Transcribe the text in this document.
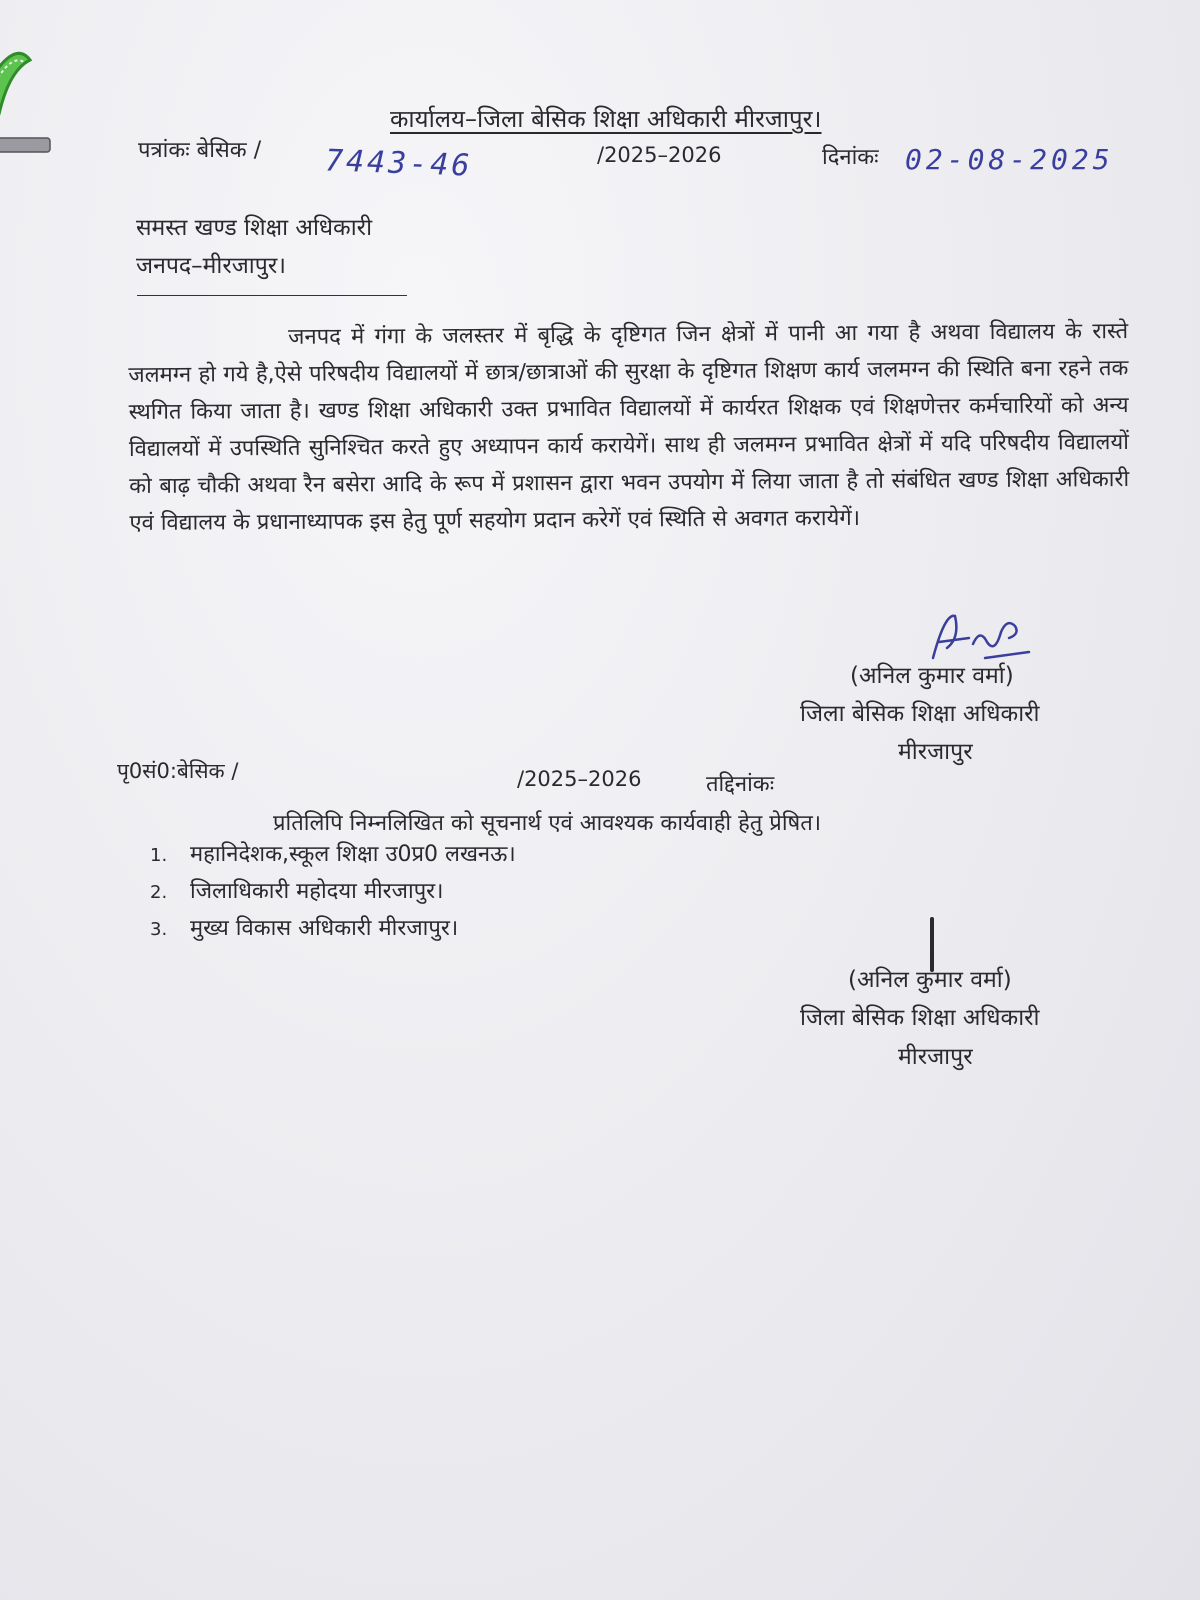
कार्यालय–जिला बेसिक शिक्षा अधिकारी मीरजापुर।
पत्रांकः बेसिक / 7443-46	/2025–2026	दिनांकः 02-08-2025
समस्त खण्ड शिक्षा अधिकारी
जनपद–मीरजापुर।
जनपद में गंगा के जलस्तर में बृद्धि के दृष्टिगत जिन क्षेत्रों में पानी आ गया है अथवा विद्यालय के रास्ते जलमग्न हो गये है,ऐसे परिषदीय विद्यालयों में छात्र/छात्राओं की सुरक्षा के दृष्टिगत शिक्षण कार्य जलमग्न की स्थिति बना रहने तक स्थगित किया जाता है। खण्ड शिक्षा अधिकारी उक्त प्रभावित विद्यालयों में कार्यरत शिक्षक एवं शिक्षणेत्तर कर्मचारियों को अन्य विद्यालयों में उपस्थिति सुनिश्चित करते हुए अध्यापन कार्य करायेगें। साथ ही जलमग्न प्रभावित क्षेत्रों में यदि परिषदीय विद्यालयों को बाढ़ चौकी अथवा रैन बसेरा आदि के रूप में प्रशासन द्वारा भवन उपयोग में लिया जाता है तो संबंधित खण्ड शिक्षा अधिकारी एवं विद्यालय के प्रधानाध्यापक इस हेतु पूर्ण सहयोग प्रदान करेगें एवं स्थिति से अवगत करायेगें।
(अनिल कुमार वर्मा)
जिला बेसिक शिक्षा अधिकारी
मीरजापुर
पृ0सं0:बेसिक /	/2025–2026	तद्दिनांकः
प्रतिलिपि निम्नलिखित को सूचनार्थ एवं आवश्यक कार्यवाही हेतु प्रेषित।
1. महानिदेशक,स्कूल शिक्षा उ0प्र0 लखनऊ।
2. जिलाधिकारी महोदया मीरजापुर।
3. मुख्य विकास अधिकारी मीरजापुर।
(अनिल कुमार वर्मा)
जिला बेसिक शिक्षा अधिकारी
मीरजापुर
